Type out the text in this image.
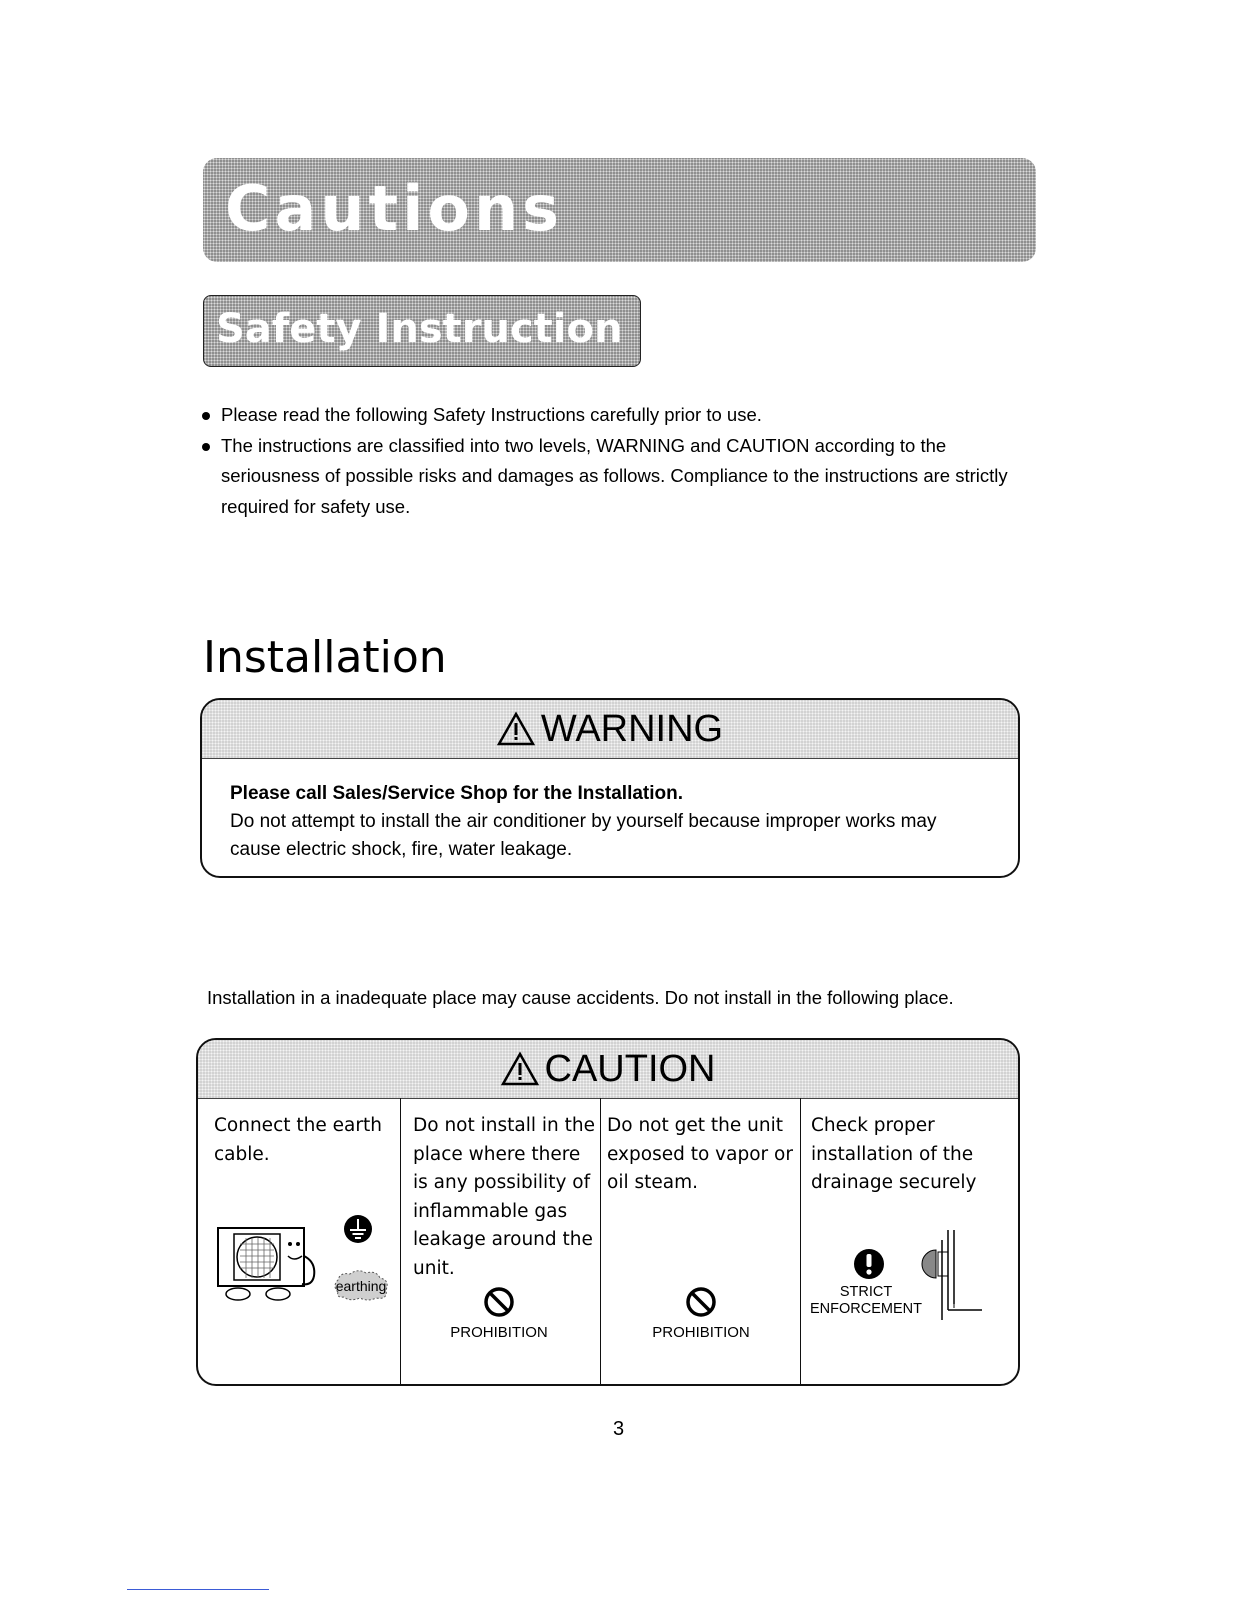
Cautions
Safety Instruction
Please read the following Safety Instructions carefully prior to use.
The instructions are classified into two levels, WARNING and CAUTION according to the seriousness of possible risks and damages as follows. Compliance to the instructions are strictly required for safety use.
Installation
WARNING
Please call Sales/Service Shop for the Installation.
Do not attempt to install the air conditioner by yourself because improper works may cause electric shock, fire, water leakage.
Installation in a inadequate place may cause accidents. Do not install in the following place.
CAUTION
Connect the earth cable.
earthing
Do not install in the place where there is any possibility of inflammable gas leakage around the unit.
PROHIBITION
Do not get the unit exposed to vapor or oil steam.
PROHIBITION
Check proper installation of the drainage securely
STRICT ENFORCEMENT
3
